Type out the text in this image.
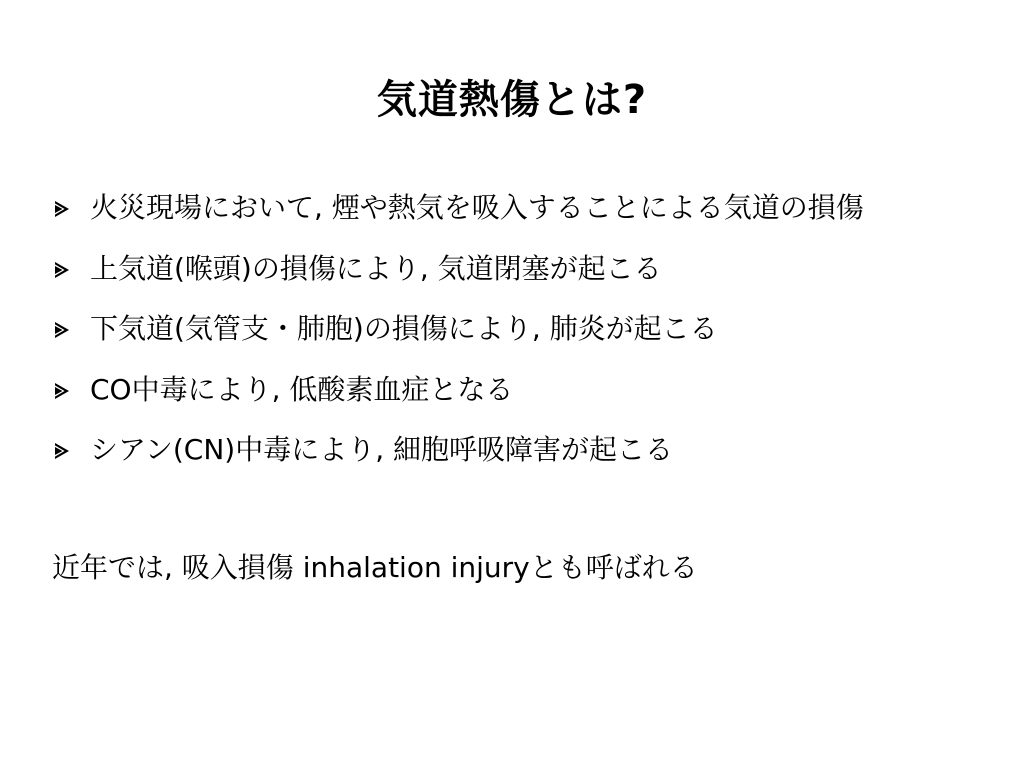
気道熱傷とは?
火災現場において, 煙や熱気を吸入することによる気道の損傷
上気道(喉頭)の損傷により, 気道閉塞が起こる
下気道(気管支・肺胞)の損傷により, 肺炎が起こる
CO中毒により, 低酸素血症となる
シアン(CN)中毒により, 細胞呼吸障害が起こる
近年では, 吸入損傷 inhalation injuryとも呼ばれる
